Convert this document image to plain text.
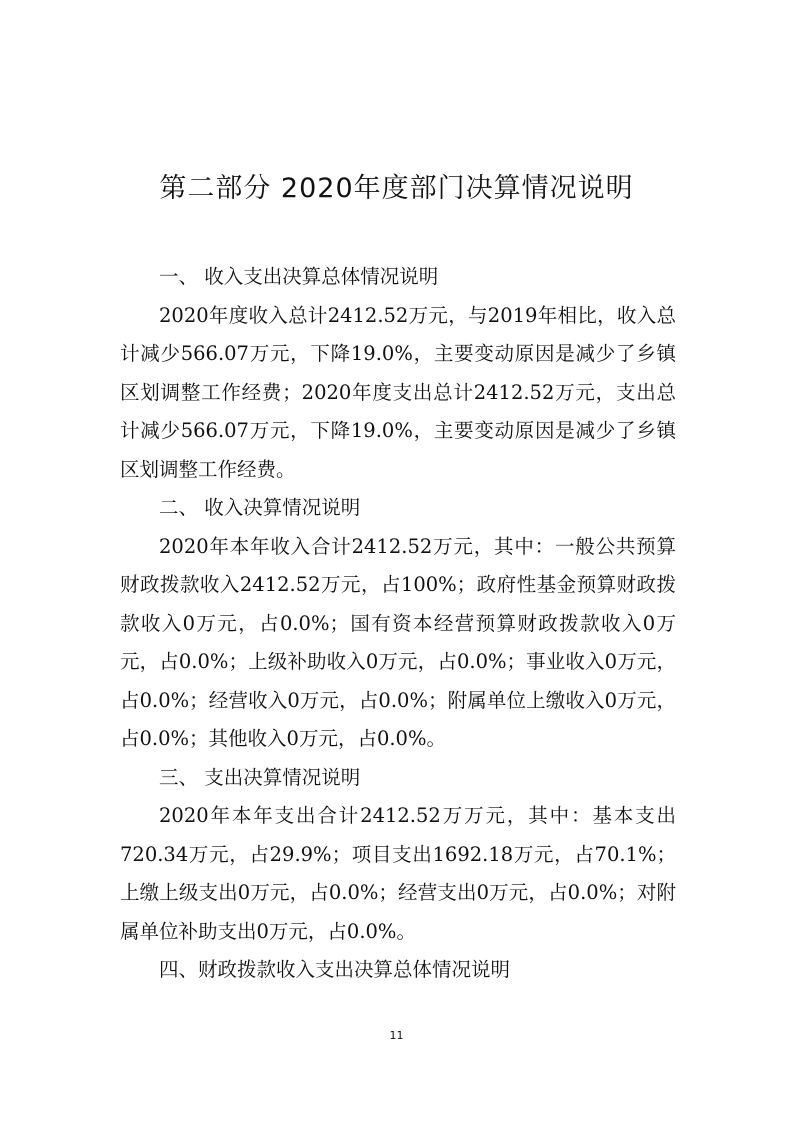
第二部分 2020年度部门决算情况说明
一、 收入支出决算总体情况说明

2020年度收入总计2412.52万元，与2019年相比，收入总计减少566.07万元，下降19.0%，主要变动原因是减少了乡镇区划调整工作经费；2020年度支出总计2412.52万元，支出总计减少566.07万元，下降19.0%，主要变动原因是减少了乡镇区划调整工作经费。

二、 收入决算情况说明

2020年本年收入合计2412.52万元，其中：一般公共预算财政拨款收入2412.52万元，占100%；政府性基金预算财政拨款收入0万元，占0.0%；国有资本经营预算财政拨款收入0万元，占0.0%；上级补助收入0万元，占0.0%；事业收入0万元，占0.0%；经营收入0万元，占0.0%；附属单位上缴收入0万元，占0.0%；其他收入0万元，占0.0%。

三、 支出决算情况说明

2020年本年支出合计2412.52万万元，其中：基本支出720.34万元，占29.9%；项目支出1692.18万元，占70.1%；上缴上级支出0万元，占0.0%；经营支出0万元，占0.0%；对附属单位补助支出0万元，占0.0%。

四、财政拨款收入支出决算总体情况说明

11
